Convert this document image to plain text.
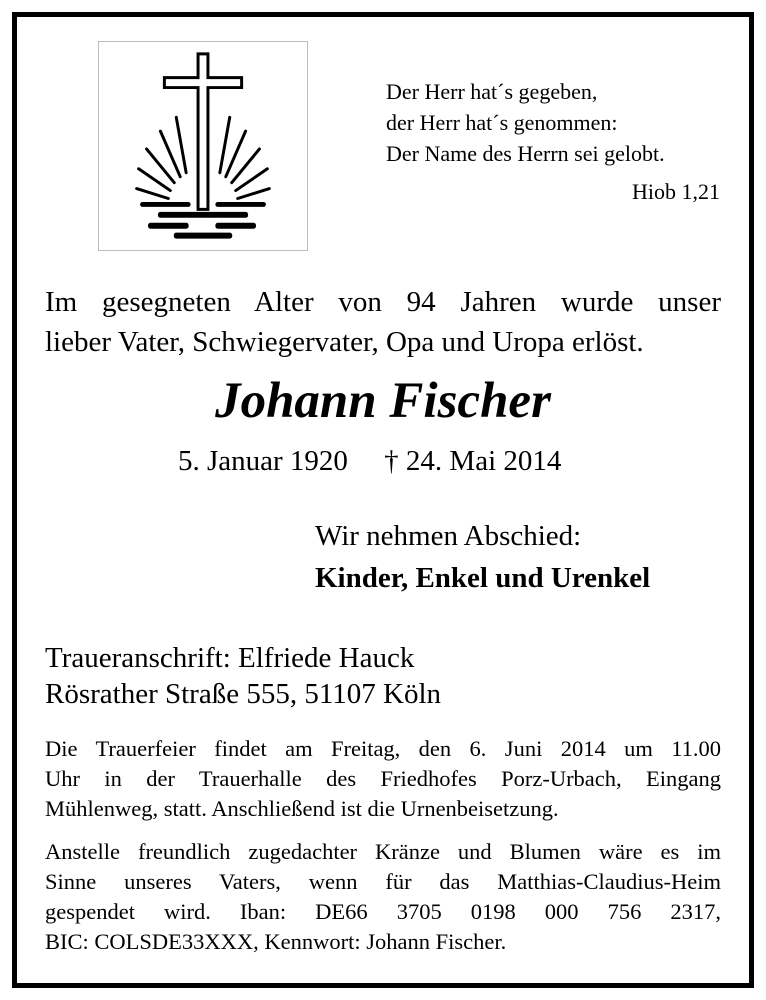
Der Herr hat´s gegeben,
der Herr hat´s genommen:
Der Name des Herrn sei gelobt.
Hiob 1,21
Im gesegneten Alter von 94 Jahren wurde unser
lieber Vater, Schwiegervater, Opa und Uropa erlöst.
Johann Fischer
5. Januar 1920     † 24. Mai 2014
Wir nehmen Abschied:
Kinder, Enkel und Urenkel
Traueranschrift: Elfriede Hauck
Rösrather Straße 555, 51107 Köln
Die Trauerfeier findet am Freitag, den 6. Juni 2014 um 11.00
Uhr in der Trauerhalle des Friedhofes Porz-Urbach, Eingang
Mühlenweg, statt. Anschließend ist die Urnenbeisetzung.
Anstelle freundlich zugedachter Kränze und Blumen wäre es im
Sinne unseres Vaters, wenn für das Matthias-Claudius-Heim
gespendet wird. Iban: DE66 3705 0198 000 756 2317,
BIC: COLSDE33XXX, Kennwort: Johann Fischer.
